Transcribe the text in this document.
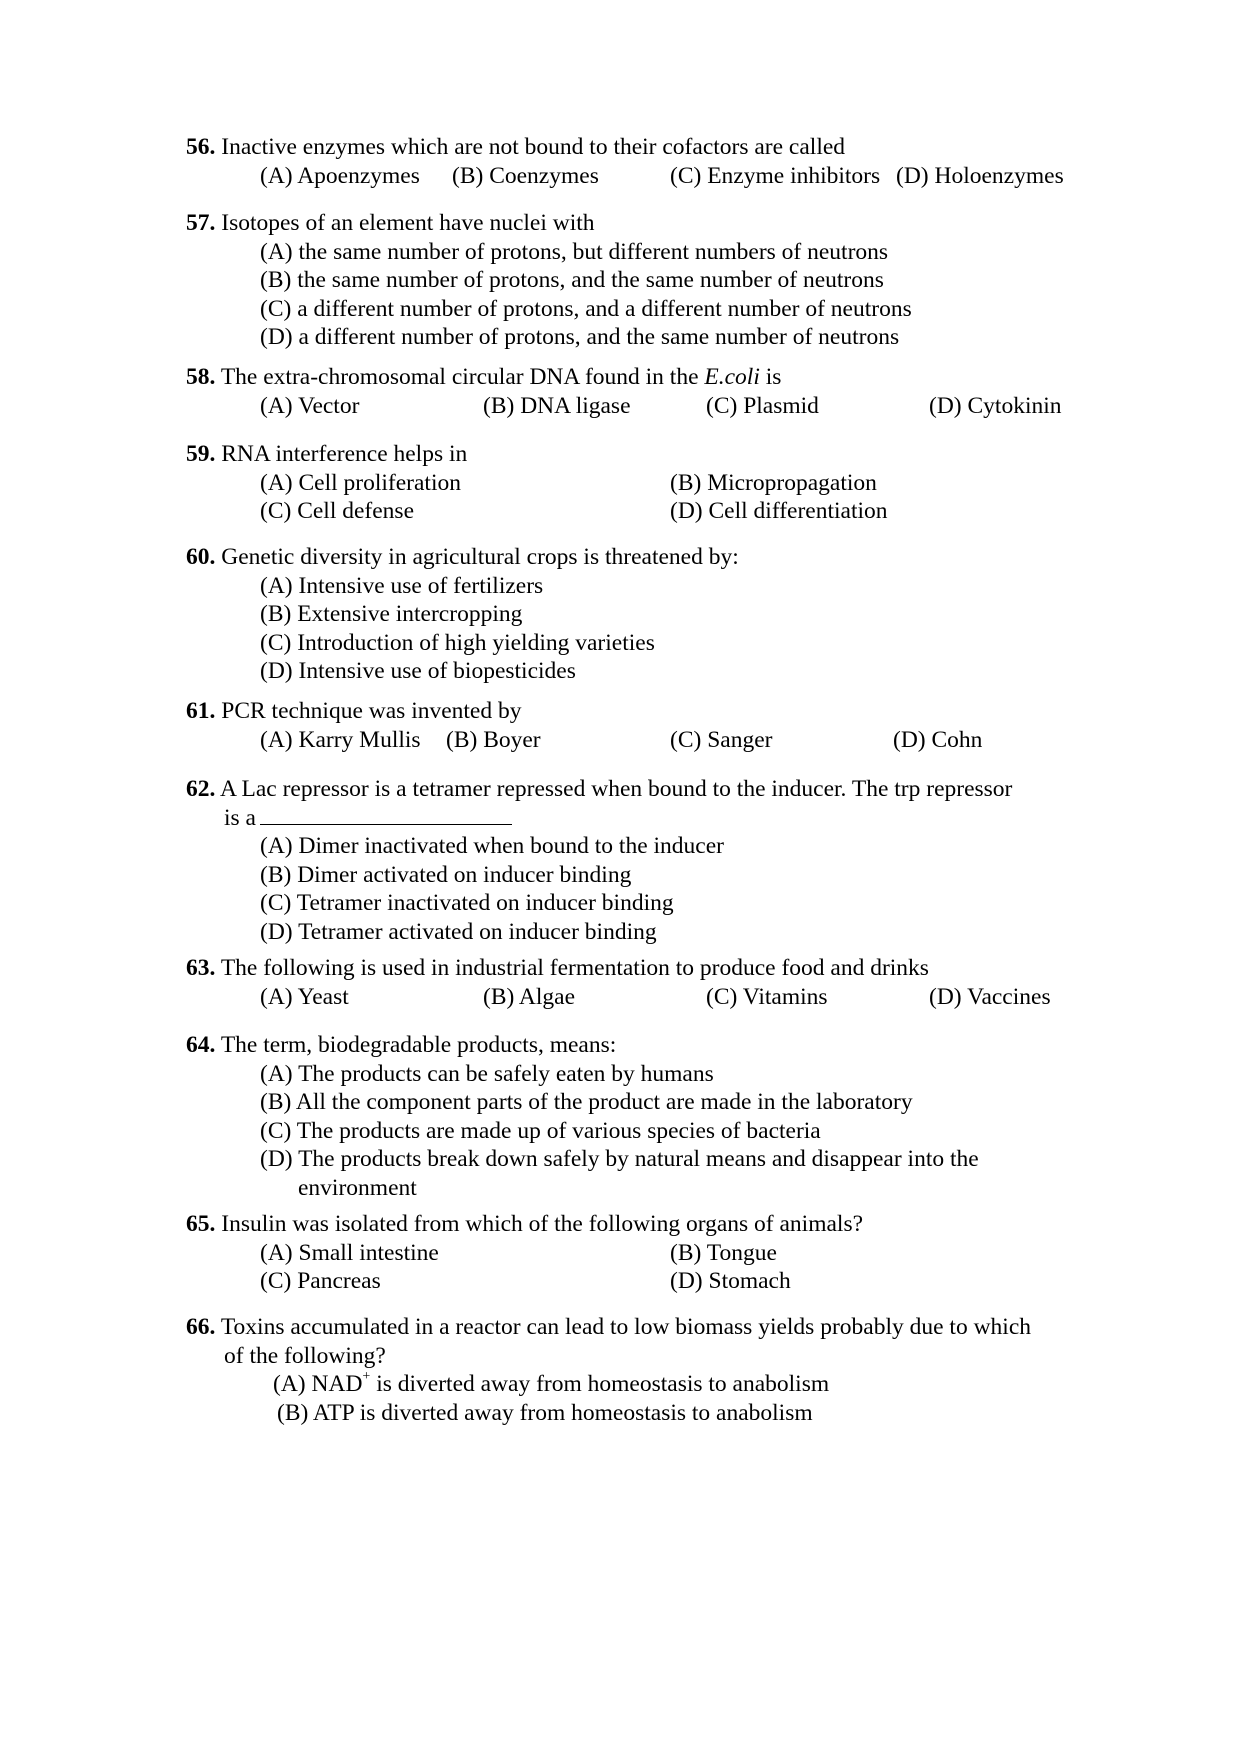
56. Inactive enzymes which are not bound to their cofactors are called
(A) Apoenzymes	(B) Coenzymes	(C) Enzyme inhibitors (D) Holoenzymes
57. Isotopes of an element have nuclei with
(A) the same number of protons, but different numbers of neutrons
(B) the same number of protons, and the same number of neutrons
(C) a different number of protons, and a different number of neutrons
(D) a different number of protons, and the same number of neutrons
58. The extra-chromosomal circular DNA found in the E.coli is
(A) Vector	(B) DNA ligase	(C) Plasmid	(D) Cytokinin
59. RNA interference helps in
(A) Cell proliferation	(B) Micropropagation
(C) Cell defense	(D) Cell differentiation
60. Genetic diversity in agricultural crops is threatened by:
(A) Intensive use of fertilizers
(B) Extensive intercropping
(C) Introduction of high yielding varieties
(D) Intensive use of biopesticides
61. PCR technique was invented by
(A) Karry Mullis	(B) Boyer	(C) Sanger	(D) Cohn
62. A Lac repressor is a tetramer repressed when bound to the inducer. The trp repressor
is a
(A) Dimer inactivated when bound to the inducer
(B) Dimer activated on inducer binding
(C) Tetramer inactivated on inducer binding
(D) Tetramer activated on inducer binding
63. The following is used in industrial fermentation to produce food and drinks
(A) Yeast	(B) Algae	(C) Vitamins	(D) Vaccines
64. The term, biodegradable products, means:
(A) The products can be safely eaten by humans
(B) All the component parts of the product are made in the laboratory
(C) The products are made up of various species of bacteria
(D) The products break down safely by natural means and disappear into the
environment
65. Insulin was isolated from which of the following organs of animals?
(A) Small intestine	(B) Tongue
(C) Pancreas	(D) Stomach
66. Toxins accumulated in a reactor can lead to low biomass yields probably due to which
of the following?
(A) NAD+ is diverted away from homeostasis to anabolism
(B) ATP is diverted away from homeostasis to anabolism
